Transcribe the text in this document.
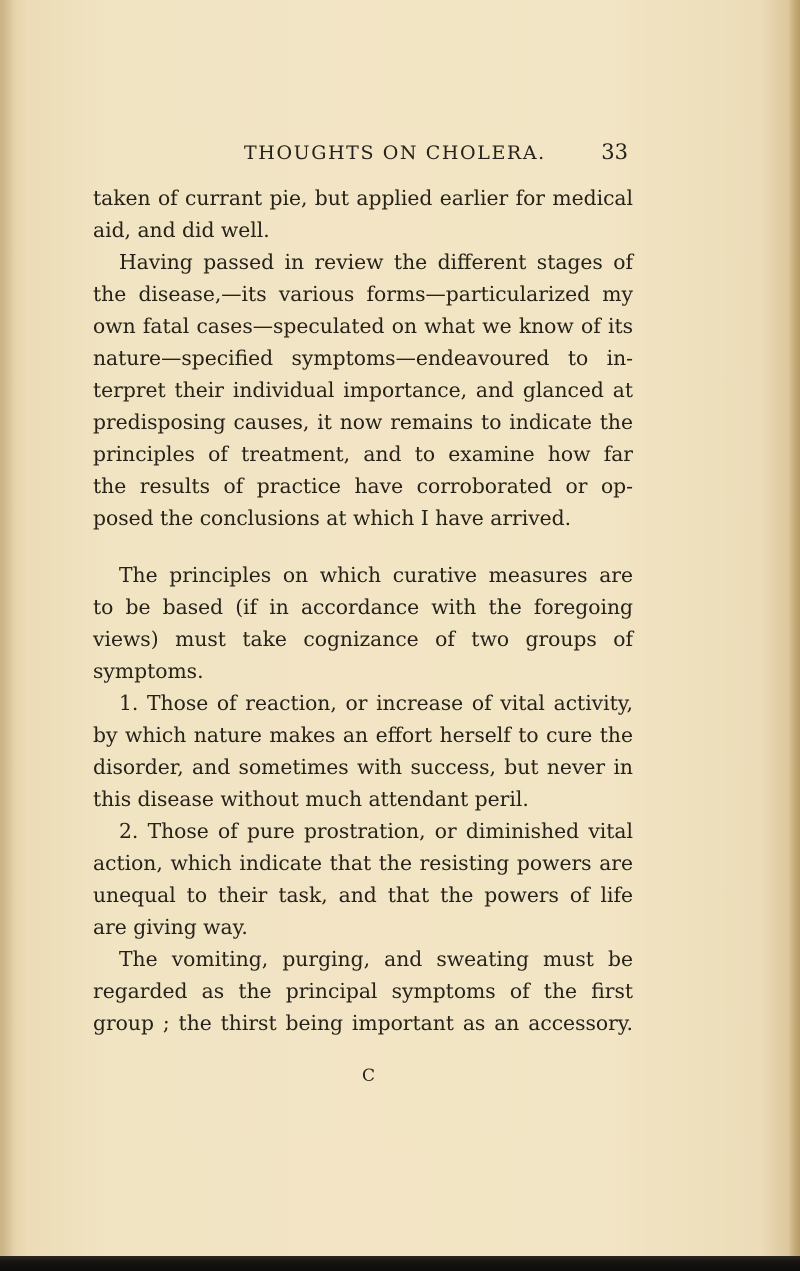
THOUGHTS ON CHOLERA.	33
taken of currant pie, but applied earlier for medical
aid, and did well.
Having passed in review the different stages of
the disease,—its various forms—particularized my
own fatal cases—speculated on what we know of its
nature—specified symptoms—endeavoured to in-
terpret their individual importance, and glanced at
predisposing causes, it now remains to indicate the
principles of treatment, and to examine how far
the results of practice have corroborated or op-
posed the conclusions at which I have arrived.
The principles on which curative measures are
to be based (if in accordance with the foregoing
views) must take cognizance of two groups of
symptoms.
1. Those of reaction, or increase of vital activity,
by which nature makes an effort herself to cure the
disorder, and sometimes with success, but never in
this disease without much attendant peril.
2. Those of pure prostration, or diminished vital
action, which indicate that the resisting powers are
unequal to their task, and that the powers of life
are giving way.
The vomiting, purging, and sweating must be
regarded as the principal symptoms of the first
group ; the thirst being important as an accessory.
C
